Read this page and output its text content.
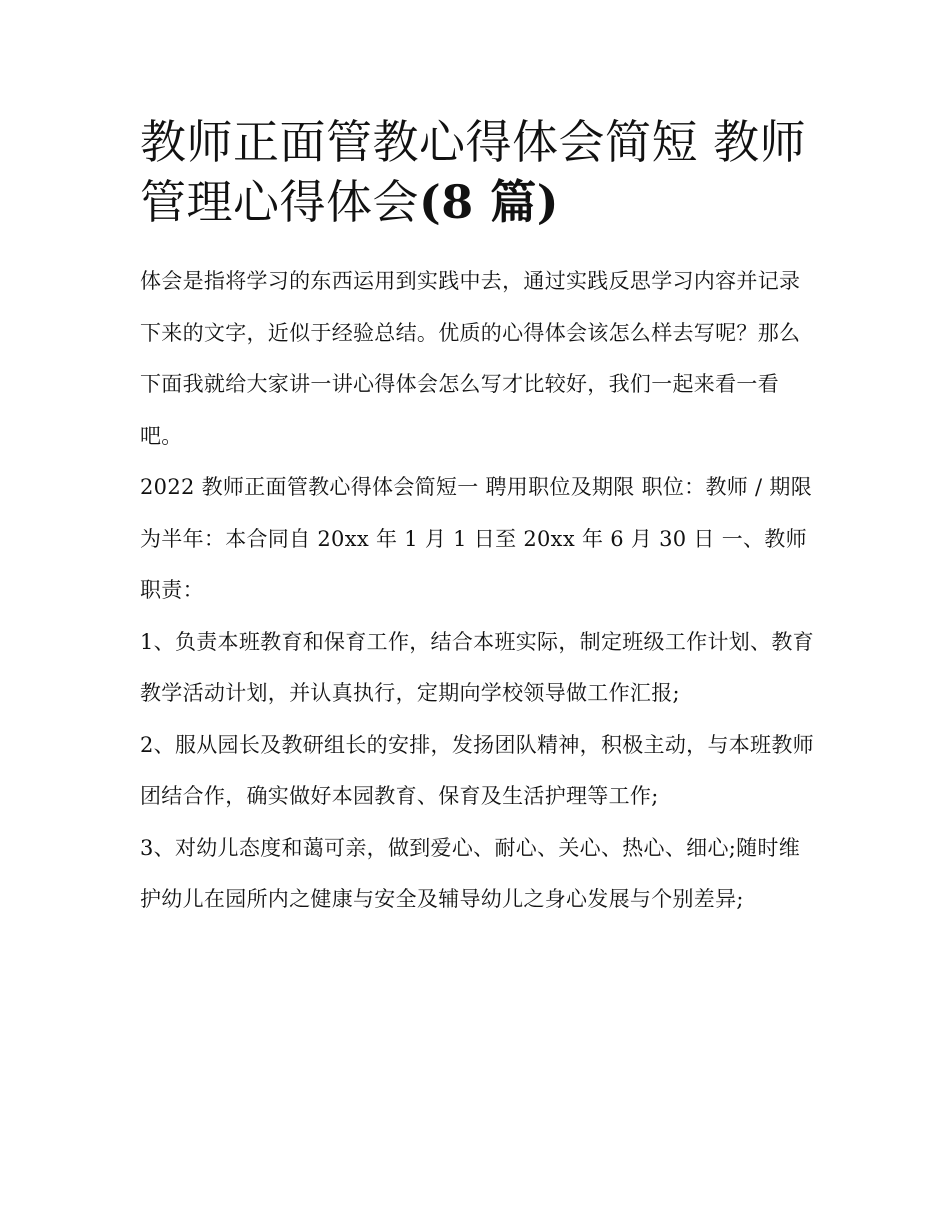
教师正面管教心得体会简短 教师管理心得体会(8 篇)

体会是指将学习的东西运用到实践中去，通过实践反思学习内容并记录下来的文字，近似于经验总结。优质的心得体会该怎么样去写呢？那么下面我就给大家讲一讲心得体会怎么写才比较好，我们一起来看一看吧。

2022 教师正面管教心得体会简短一 聘用职位及期限 职位：教师 / 期限为半年：本合同自 20xx 年 1 月 1 日至 20xx 年 6 月 30 日 一、教师职责：

1、负责本班教育和保育工作，结合本班实际，制定班级工作计划、教育教学活动计划，并认真执行，定期向学校领导做工作汇报;

2、服从园长及教研组长的安排，发扬团队精神，积极主动，与本班教师团结合作，确实做好本园教育、保育及生活护理等工作;

3、对幼儿态度和蔼可亲，做到爱心、耐心、关心、热心、细心;随时维护幼儿在园所内之健康与安全及辅导幼儿之身心发展与个别差异;
